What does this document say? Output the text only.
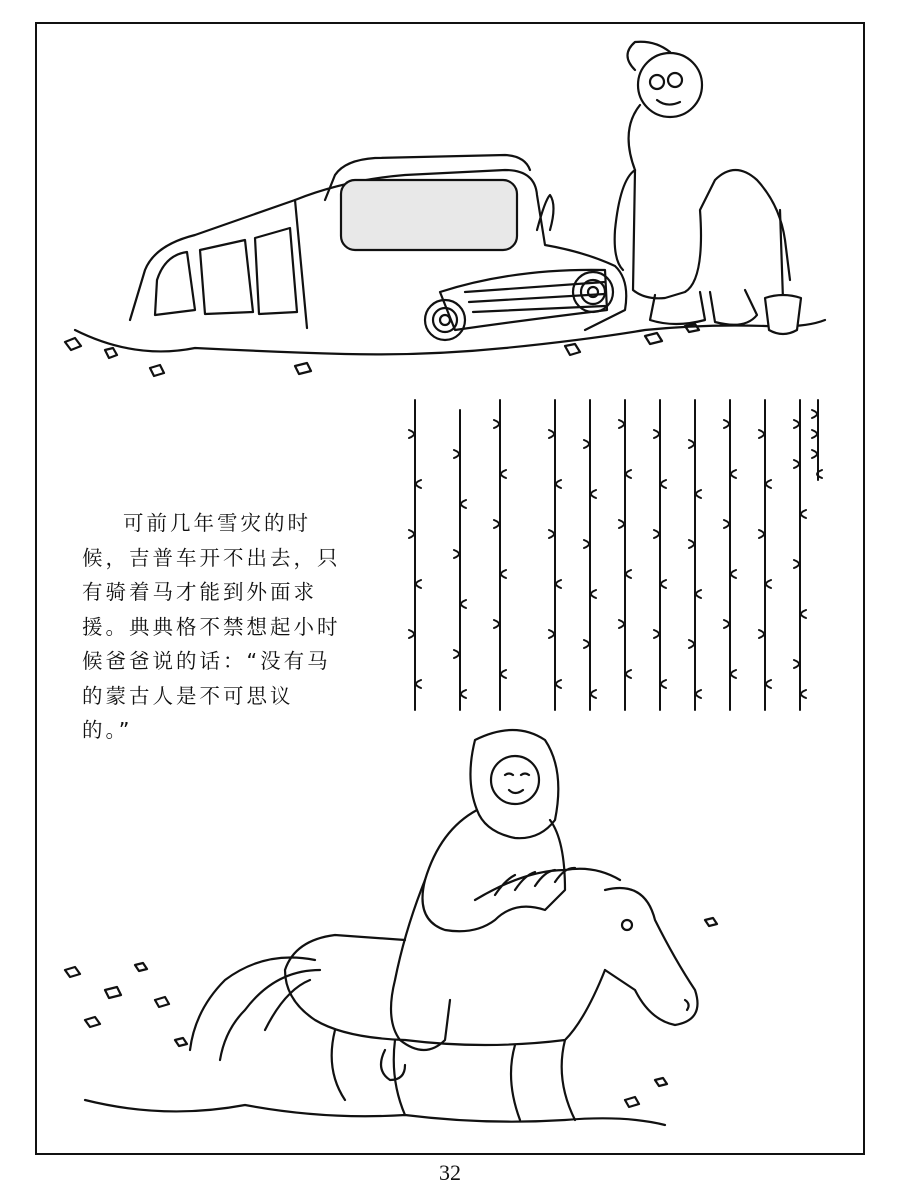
可前几年雪灾的时候，吉普车开不出去，只有骑着马才能到外面求援。典典格不禁想起小时候爸爸说的话：“没有马的蒙古人是不可思议的。”

32
